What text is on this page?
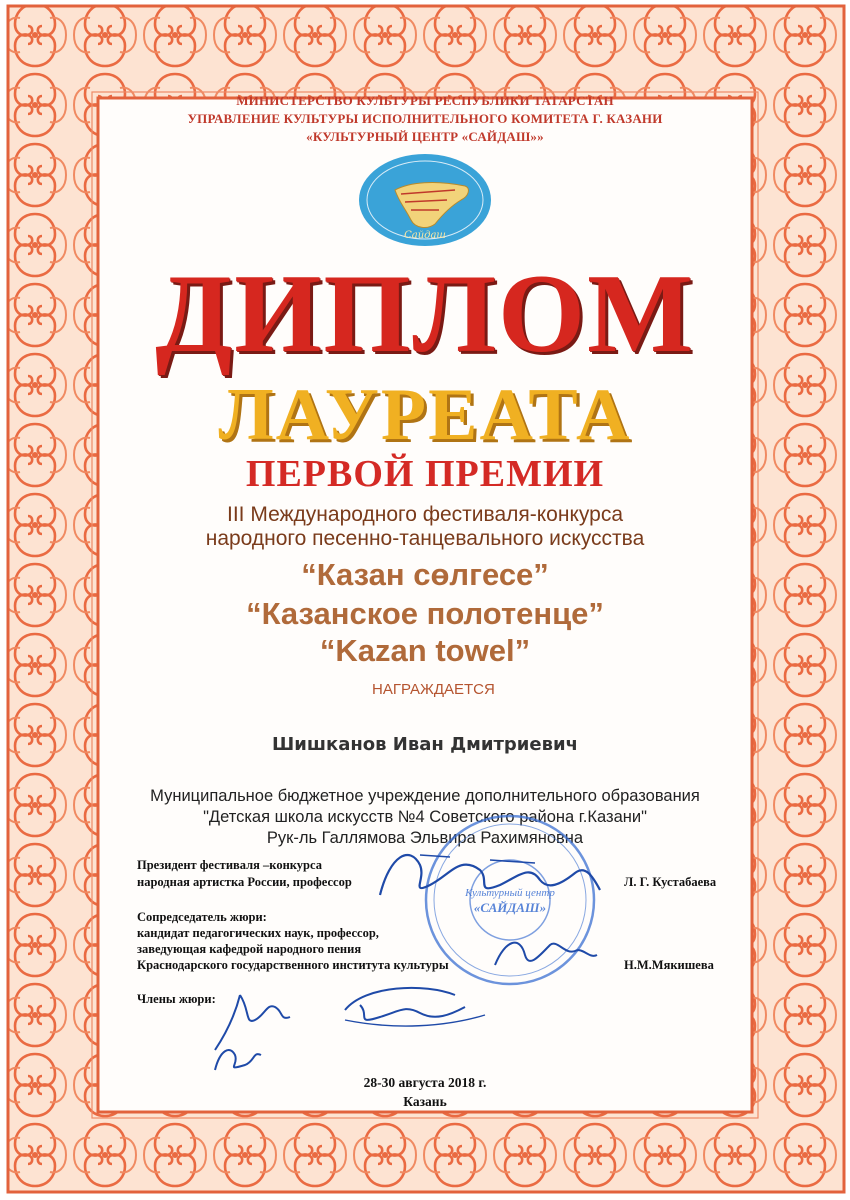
МИНИСТЕРСТВО КУЛЬТУРЫ РЕСПУБЛИКИ ТАТАРСТАН
УПРАВЛЕНИЕ КУЛЬТУРЫ ИСПОЛНИТЕЛЬНОГО КОМИТЕТА Г. КАЗАНИ
«КУЛЬТУРНЫЙ ЦЕНТР «САЙДАШ»»
Сайдаш
ДИПЛОМ
ЛАУРЕАТА
ПЕРВОЙ ПРЕМИИ
III Международного фестиваля-конкурса
народного песенно-танцевального искусства
“Казан сөлгесе”
“Казанское полотенце”
“Kazan towel”
НАГРАЖДАЕТСЯ
Шишканов Иван Дмитриевич
Муниципальное бюджетное учреждение дополнительного образования
"Детская школа искусств №4 Советского района г.Казани"
Рук-ль Галлямова Эльвира Рахимяновна
Президент фестиваля –конкурса
народная артистка России, профессор	Л. Г. Кустабаева
Сопредседатель жюри:
кандидат педагогических наук, профессор,
заведующая кафедрой народного пения
Краснодарского государственного института культуры	Н.М.Мякишева
Члены жюри:
Культурный центр
«САЙДАШ»
28-30 августа 2018 г.
Казань
